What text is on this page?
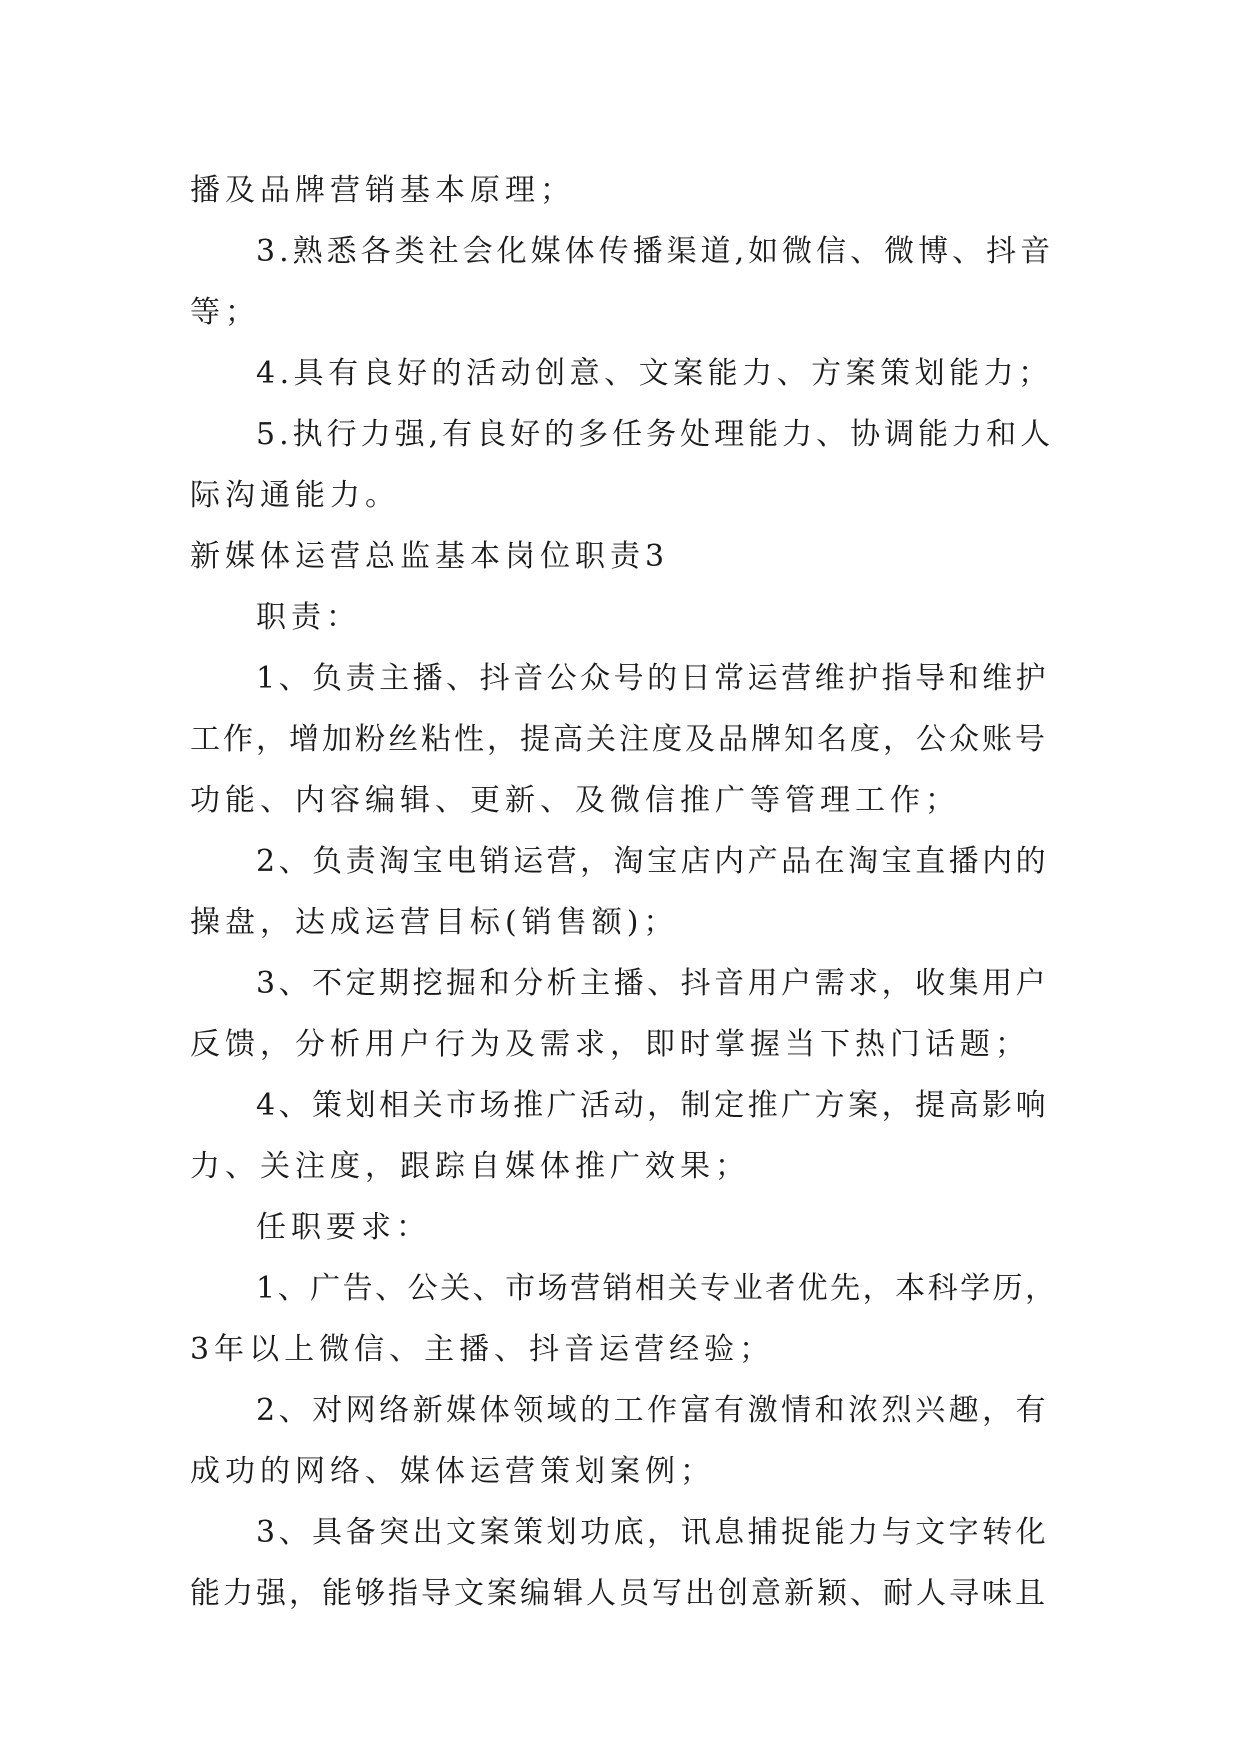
播及品牌营销基本原理；
3.熟悉各类社会化媒体传播渠道,如微信、微博、抖音
等；
4.具有良好的活动创意、文案能力、方案策划能力；
5.执行力强,有良好的多任务处理能力、协调能力和人
际沟通能力。
新媒体运营总监基本岗位职责3
职责：
1、负责主播、抖音公众号的日常运营维护指导和维护
工作，增加粉丝粘性，提高关注度及品牌知名度，公众账号
功能、内容编辑、更新、及微信推广等管理工作；
2、负责淘宝电销运营，淘宝店内产品在淘宝直播内的
操盘，达成运营目标(销售额)；
3、不定期挖掘和分析主播、抖音用户需求，收集用户
反馈，分析用户行为及需求，即时掌握当下热门话题；
4、策划相关市场推广活动，制定推广方案，提高影响
力、关注度，跟踪自媒体推广效果；
任职要求：
1、广告、公关、市场营销相关专业者优先，本科学历，
3年以上微信、主播、抖音运营经验；
2、对网络新媒体领域的工作富有激情和浓烈兴趣，有
成功的网络、媒体运营策划案例；
3、具备突出文案策划功底，讯息捕捉能力与文字转化
能力强，能够指导文案编辑人员写出创意新颖、耐人寻味且
